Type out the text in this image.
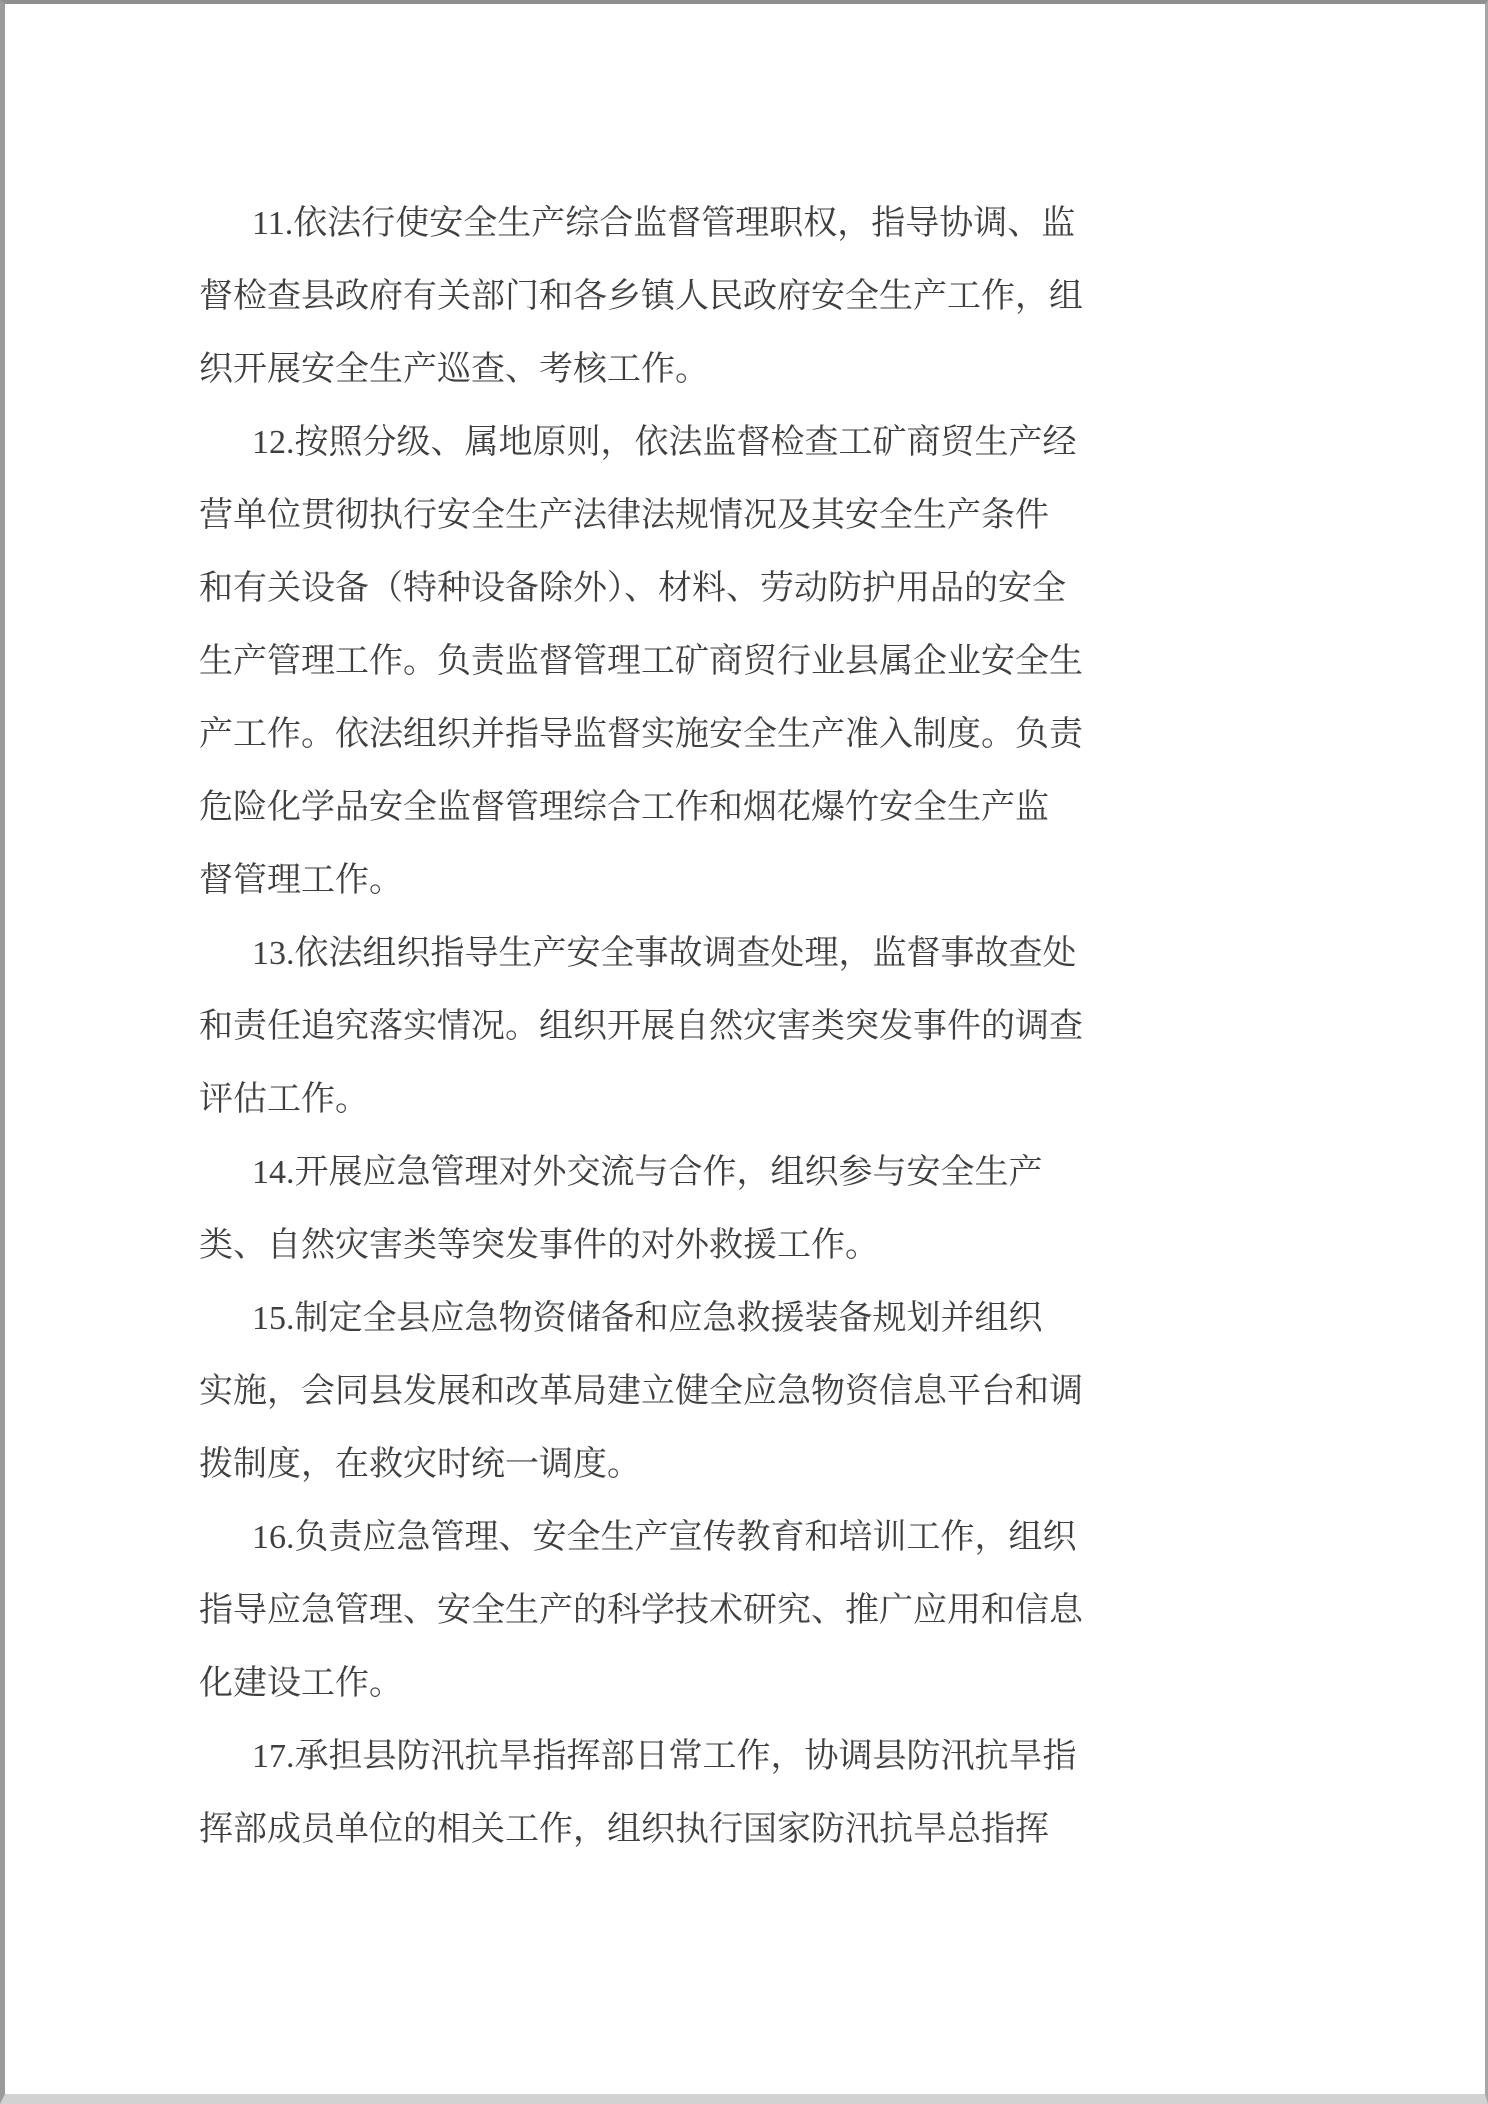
11.依法行使安全生产综合监督管理职权，指导协调、监
督检查县政府有关部门和各乡镇人民政府安全生产工作，组
织开展安全生产巡查、考核工作。
12.按照分级、属地原则，依法监督检查工矿商贸生产经
营单位贯彻执行安全生产法律法规情况及其安全生产条件
和有关设备（特种设备除外）、材料、劳动防护用品的安全
生产管理工作。负责监督管理工矿商贸行业县属企业安全生
产工作。依法组织并指导监督实施安全生产准入制度。负责
危险化学品安全监督管理综合工作和烟花爆竹安全生产监
督管理工作。
13.依法组织指导生产安全事故调查处理，监督事故查处
和责任追究落实情况。组织开展自然灾害类突发事件的调查
评估工作。
14.开展应急管理对外交流与合作，组织参与安全生产
类、自然灾害类等突发事件的对外救援工作。
15.制定全县应急物资储备和应急救援装备规划并组织
实施，会同县发展和改革局建立健全应急物资信息平台和调
拨制度，在救灾时统一调度。
16.负责应急管理、安全生产宣传教育和培训工作，组织
指导应急管理、安全生产的科学技术研究、推广应用和信息
化建设工作。
17.承担县防汛抗旱指挥部日常工作，协调县防汛抗旱指
挥部成员单位的相关工作，组织执行国家防汛抗旱总指挥
